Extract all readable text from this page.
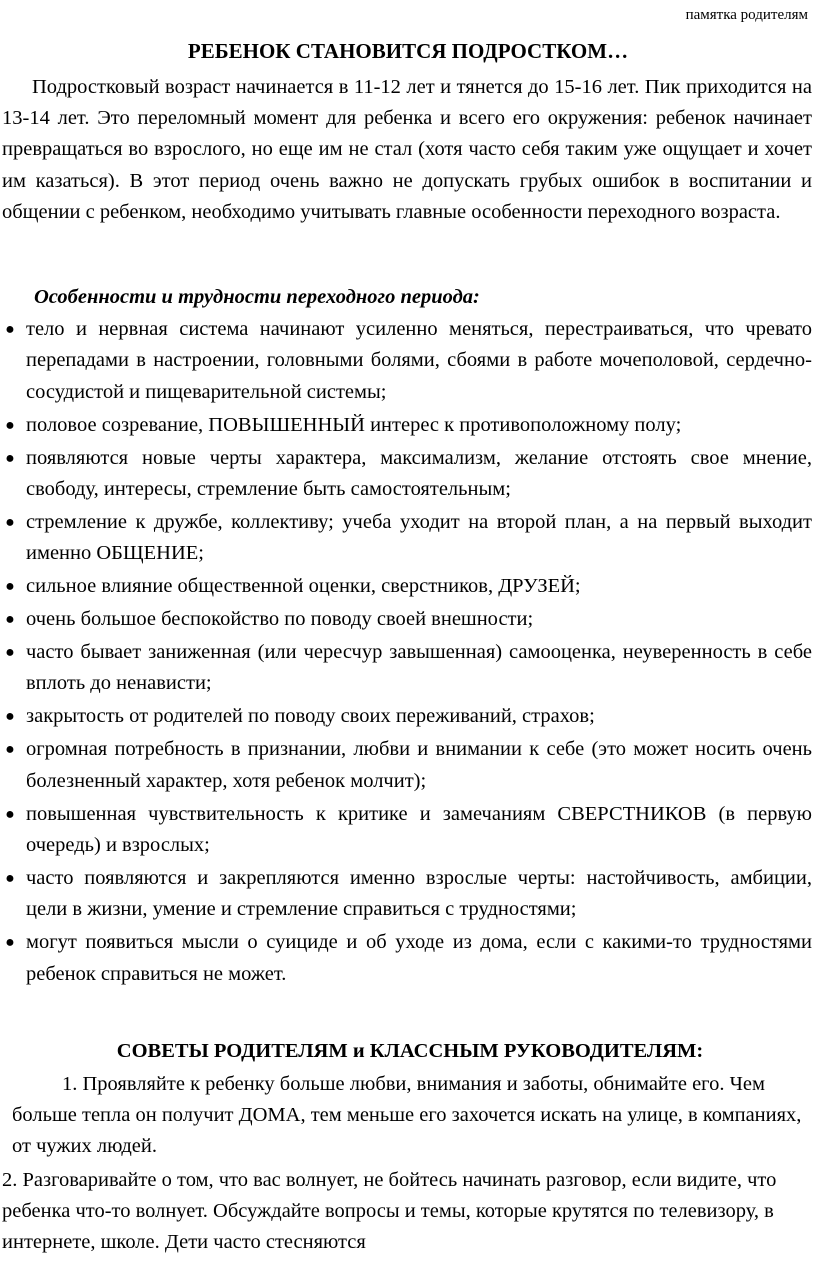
памятка родителям
РЕБЕНОК СТАНОВИТСЯ ПОДРОСТКОМ…

Подростковый возраст начинается в 11-12 лет и тянется до 15-16 лет. Пик приходится на 13-14 лет. Это переломный момент для ребенка и всего его окружения: ребенок начинает превращаться во взрослого, но еще им не стал (хотя часто себя таким уже ощущает и хочет им казаться). В этот период очень важно не допускать грубых ошибок в воспитании и общении с ребенком, необходимо учитывать главные особенности переходного возраста.

Особенности и трудности переходного периода:
● тело и нервная система начинают усиленно меняться, перестраиваться, что чревато перепадами в настроении, головными болями, сбоями в работе мочеполовой, сердечно-сосудистой и пищеварительной системы;
● половое созревание, ПОВЫШЕННЫЙ интерес к противоположному полу;
● появляются новые черты характера, максимализм, желание отстоять свое мнение, свободу, интересы, стремление быть самостоятельным;
● стремление к дружбе, коллективу; учеба уходит на второй план, а на первый выходит именно ОБЩЕНИЕ;
● сильное влияние общественной оценки, сверстников, ДРУЗЕЙ;
● очень большое беспокойство по поводу своей внешности;
● часто бывает заниженная (или чересчур завышенная) самооценка, неуверенность в себе вплоть до ненависти;
● закрытость от родителей по поводу своих переживаний, страхов;
● огромная потребность в признании, любви и внимании к себе (это может носить очень болезненный характер, хотя ребенок молчит);
● повышенная чувствительность к критике и замечаниям СВЕРСТНИКОВ (в первую очередь) и взрослых;
● часто появляются и закрепляются именно взрослые черты: настойчивость, амбиции, цели в жизни, умение и стремление справиться с трудностями;
● могут появиться мысли о суициде и об уходе из дома, если с какими-то трудностями ребенок справиться не может.
СОВЕТЫ РОДИТЕЛЯМ и КЛАССНЫМ РУКОВОДИТЕЛЯМ:

1. Проявляйте к ребенку больше любви, внимания и заботы, обнимайте его. Чем больше тепла он получит ДОМА, тем меньше его захочется искать на улице, в компаниях, от чужих людей.

2. Разговаривайте о том, что вас волнует, не бойтесь начинать разговор, если видите, что ребенка что-то волнует. Обсуждайте вопросы и темы, которые крутятся по телевизору, в интернете, школе. Дети часто стесняются
